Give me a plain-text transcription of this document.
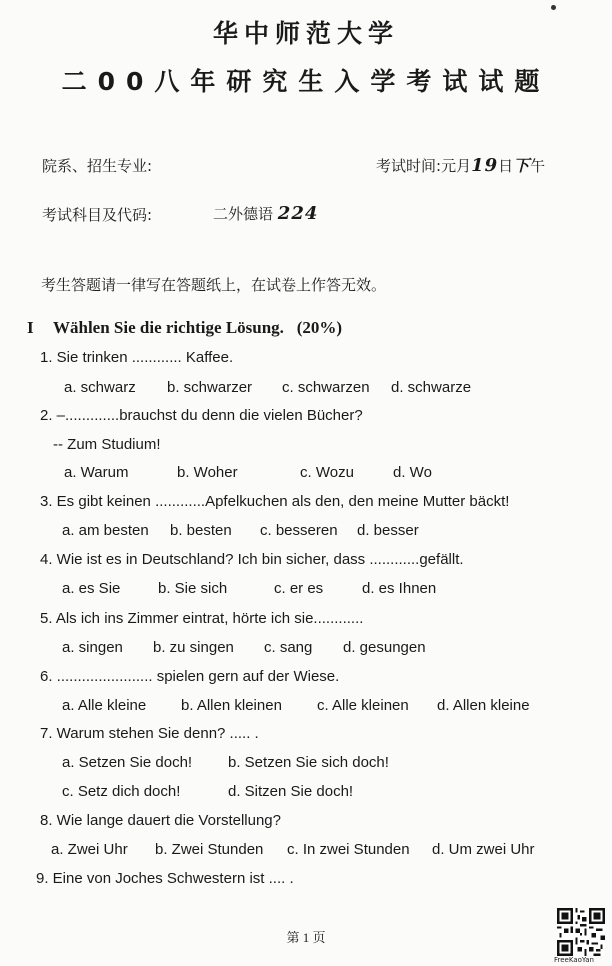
华中师范大学
二00八年研究生入学考试试题
院系、招生专业:	考试时间:元月19日下午
考试科目及代码:	二外德语 224
考生答题请一律写在答题纸上，在试卷上作答无效。
I Wählen Sie die richtige Lösung. (20%)
1. Sie trinken ............ Kaffee.
a. schwarz b. schwarzer c. schwarzen d. schwarze
2. –.............brauchst du denn die vielen Bücher?
-- Zum Studium!
a. Warum	b. Woher	c. Wozu	d. Wo
3. Es gibt keinen ............Apfelkuchen als den, den meine Mutter bäckt!
a. am besten b. besten c. besseren d. besser
4. Wie ist es in Deutschland? Ich bin sicher, dass ............gefällt.
a. es Sie	b. Sie sich	c. er es	d. es Ihnen
5. Als ich ins Zimmer eintrat, hörte ich sie............
a. singen b. zu singen c. sang d. gesungen
6. ....................... spielen gern auf der Wiese.
a. Alle kleine b. Allen kleinen c. Alle kleinen d. Allen kleine
7. Warum stehen Sie denn? ..... .
a. Setzen Sie doch! b. Setzen Sie sich doch!
c. Setz dich doch!	d. Sitzen Sie doch!
8. Wie lange dauert die Vorstellung?
a. Zwei Uhr b. Zwei Stunden c. In zwei Stunden d. Um zwei Uhr
9. Eine von Joches Schwestern ist .... .
第 1 页
FreeKaoYan
